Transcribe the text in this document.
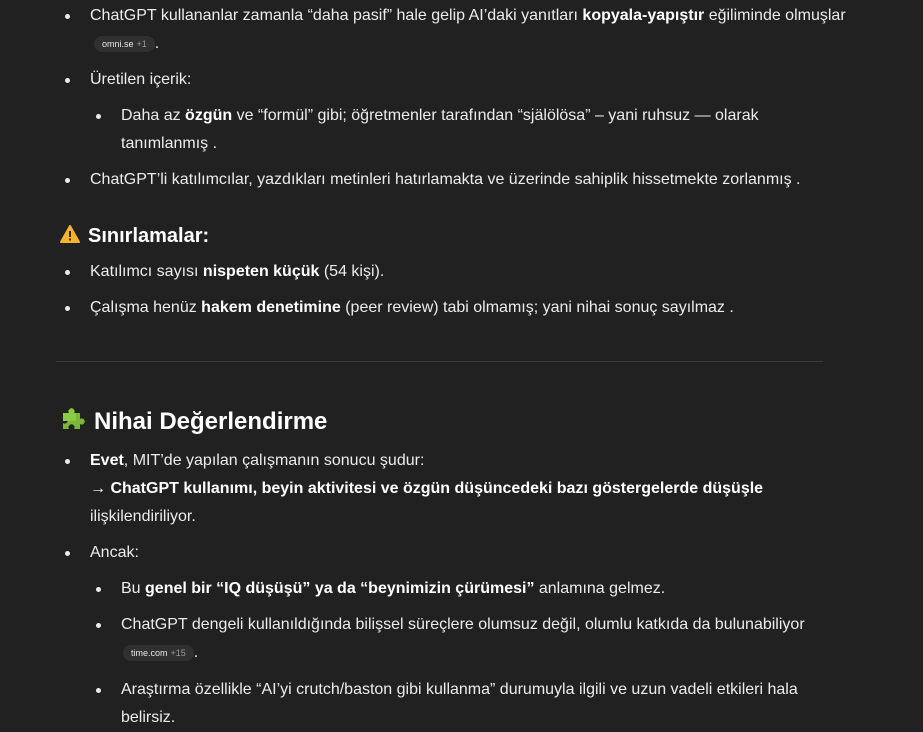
ChatGPT kullananlar zamanla “daha pasif” hale gelip AI’daki yanıtları kopyala-yapıştır eğiliminde olmuşlar omni.se +1 .
Üretilen içerik:
Daha az özgün ve “formül” gibi; öğretmenler tarafından “själölösa” – yani ruhsuz — olarak tanımlanmış .
ChatGPT’li katılımcılar, yazdıkları metinleri hatırlamakta ve üzerinde sahiplik hissetmekte zorlanmış .
Sınırlamalar:
Katılımcı sayısı nispeten küçük (54 kişi).
Çalışma henüz hakem denetimine (peer review) tabi olmamış; yani nihai sonuç sayılmaz .
Nihai Değerlendirme
Evet, MIT’de yapılan çalışmanın sonucu şudur:
→ ChatGPT kullanımı, beyin aktivitesi ve özgün düşüncedeki bazı göstergelerde düşüşle
ilişkilendiriliyor.
Ancak:
Bu genel bir “IQ düşüşü” ya da “beynimizin çürümesi” anlamına gelmez.
ChatGPT dengeli kullanıldığında bilişsel süreçlere olumsuz değil, olumlu katkıda da bulunabiliyor
time.com +15 .
Araştırma özellikle “AI’yi crutch/baston gibi kullanma” durumuyla ilgili ve uzun vadeli etkileri hala belirsiz.
